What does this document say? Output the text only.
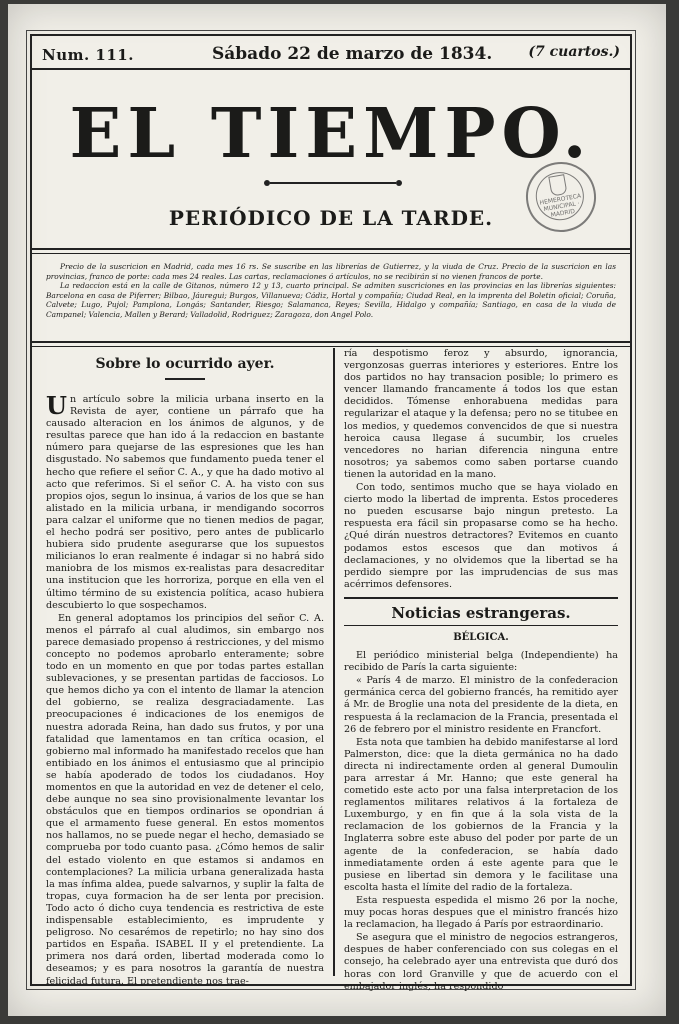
Num. 111.	Sábado 22 de marzo de 1834.	(7 cuartos.)
EL TIEMPO.
PERIÓDICO DE LA TARDE.
HEMEROTECA MUNICIPAL · MADRID

Precio de la suscricion en Madrid, cada mes 16 rs. Se suscribe en las librerías de Gutierrez, y la viuda de Cruz. Precio de la suscricion en las provincias, franco de porte: cada mes 24 reales. Las cartas, reclamaciones ó artículos, no se recibirán si no vienen francos de porte.

La redaccion está en la calle de Gitanos, número 12 y 13, cuarto principal. Se admiten suscriciones en las provincias en las librerías siguientes: Barcelona en casa de Piferrer; Bilbao, Jáuregui; Burgos, Villanueva; Cádiz, Hortal y compañía; Ciudad Real, en la imprenta del Boletin oficial; Coruña, Calvete; Lugo, Pujol; Pamplona, Longás; Santander, Riesgo; Salamanca, Reyes; Sevilla, Hidalgo y compañía; Santiago, en casa de la viuda de Campanel; Valencia, Mallen y Berard; Valladolid, Rodriguez; Zaragoza, don Angel Polo.

Sobre lo ocurrido ayer.

Un artículo sobre la milicia urbana inserto en la Revista de ayer, contiene un párrafo que ha causado alteracion en los ánimos de algunos, y de resultas parece que han ido á la redaccion en bastante número para quejarse de las espresiones que les han disgustado. No sabemos que fundamento pueda tener el hecho que refiere el señor C. A., y que ha dado motivo al acto que referimos. Si el señor C. A. ha visto con sus propios ojos, segun lo insinua, á varios de los que se han alistado en la milicia urbana, ir mendigando socorros para calzar el uniforme que no tienen medios de pagar, el hecho podrá ser positivo, pero antes de publicarlo hubiera sido prudente asegurarse que los supuestos milicianos lo eran realmente é indagar si no habrá sido maniobra de los mismos ex-realistas para desacreditar una institucion que les horroriza, porque en ella ven el último término de su existencia política, acaso hubiera descubierto lo que sospechamos.

En general adoptamos los principios del señor C. A. menos el párrafo al cual aludimos, sin embargo nos parece demasiado propenso á restricciones, y del mismo concepto no podemos aprobarlo enteramente; sobre todo en un momento en que por todas partes estallan sublevaciones, y se presentan partidas de facciosos. Lo que hemos dicho ya con el intento de llamar la atencion del gobierno, se realiza desgraciadamente. Las preocupaciones é indicaciones de los enemigos de nuestra adorada Reina, han dado sus frutos, y por una fatalidad que lamentamos en tan crítica ocasion, el gobierno mal informado ha manifestado recelos que han entibiado en los ánimos el entusiasmo que al principio se había apoderado de todos los ciudadanos. Hoy momentos en que la autoridad en vez de detener el celo, debe aunque no sea sino provisionalmente levantar los obstáculos que en tiempos ordinarios se opondrian á que el armamento fuese general. En estos momentos nos hallamos, no se puede negar el hecho, demasiado se comprueba por todo cuanto pasa. ¿Cómo hemos de salir del estado violento en que estamos si andamos en contemplaciones? La milicia urbana generalizada hasta la mas ínfima aldea, puede salvarnos, y suplir la falta de tropas, cuya formacion ha de ser lenta por precision. Todo acto ó dicho cuya tendencia es restrictiva de este indispensable establecimiento, es imprudente y peligroso. No cesarémos de repetirlo; no hay sino dos partidos en España. ISABEL II y el pretendiente. La primera nos dará orden, libertad moderada como lo deseamos; y es para nosotros la garantía de nuestra felicidad futura. El pretendiente nos trae-

ría despotismo feroz y absurdo, ignorancia, vergonzosas guerras interiores y esteriores. Entre los dos partidos no hay transacion posible; lo primero es vencer llamando francamente á todos los que estan decididos. Tómense enhorabuena medidas para regularizar el ataque y la defensa; pero no se titubee en los medios, y quedemos convencidos de que si nuestra heroica causa llegase á sucumbir, los crueles vencedores no harian diferencia ninguna entre nosotros; ya sabemos como saben portarse cuando tienen la autoridad en la mano.

Con todo, sentimos mucho que se haya violado en cierto modo la libertad de imprenta. Estos procederes no pueden escusarse bajo ningun pretesto. La respuesta era fácil sin propasarse como se ha hecho. ¿Qué dirán nuestros detractores? Evitemos en cuanto podamos estos escesos que dan motivos á declamaciones, y no olvidemos que la libertad se ha perdido siempre por las imprudencias de sus mas acérrimos defensores.

Noticias estrangeras.
BÉLGICA.

El periódico ministerial belga (Independiente) ha recibido de París la carta siguiente:

« París 4 de marzo. El ministro de la confederacion germánica cerca del gobierno francés, ha remitido ayer á Mr. de Broglie una nota del presidente de la dieta, en respuesta á la reclamacion de la Francia, presentada el 26 de febrero por el ministro residente en Francfort.

Esta nota que tambien ha debido manifestarse al lord Palmerston, dice: que la dieta germánica no ha dado directa ni indirectamente orden al general Dumoulin para arrestar á Mr. Hanno; que este general ha cometido este acto por una falsa interpretacion de los reglamentos militares relativos á la fortaleza de Luxemburgo, y en fin que á la sola vista de la reclamacion de los gobiernos de la Francia y la Inglaterra sobre este abuso del poder por parte de un agente de la confederacion, se había dado inmediatamente orden á este agente para que le pusiese en libertad sin demora y le facilitase una escolta hasta el límite del radio de la fortaleza.

Esta respuesta espedida el mismo 26 por la noche, muy pocas horas despues que el ministro francés hizo la reclamacion, ha llegado á París por estraordinario.

Se asegura que el ministro de negocios estrangeros, despues de haber conferenciado con sus colegas en el consejo, ha celebrado ayer una entrevista que duró dos horas con lord Granville y que de acuerdo con el embajador inglés, ha respondido
